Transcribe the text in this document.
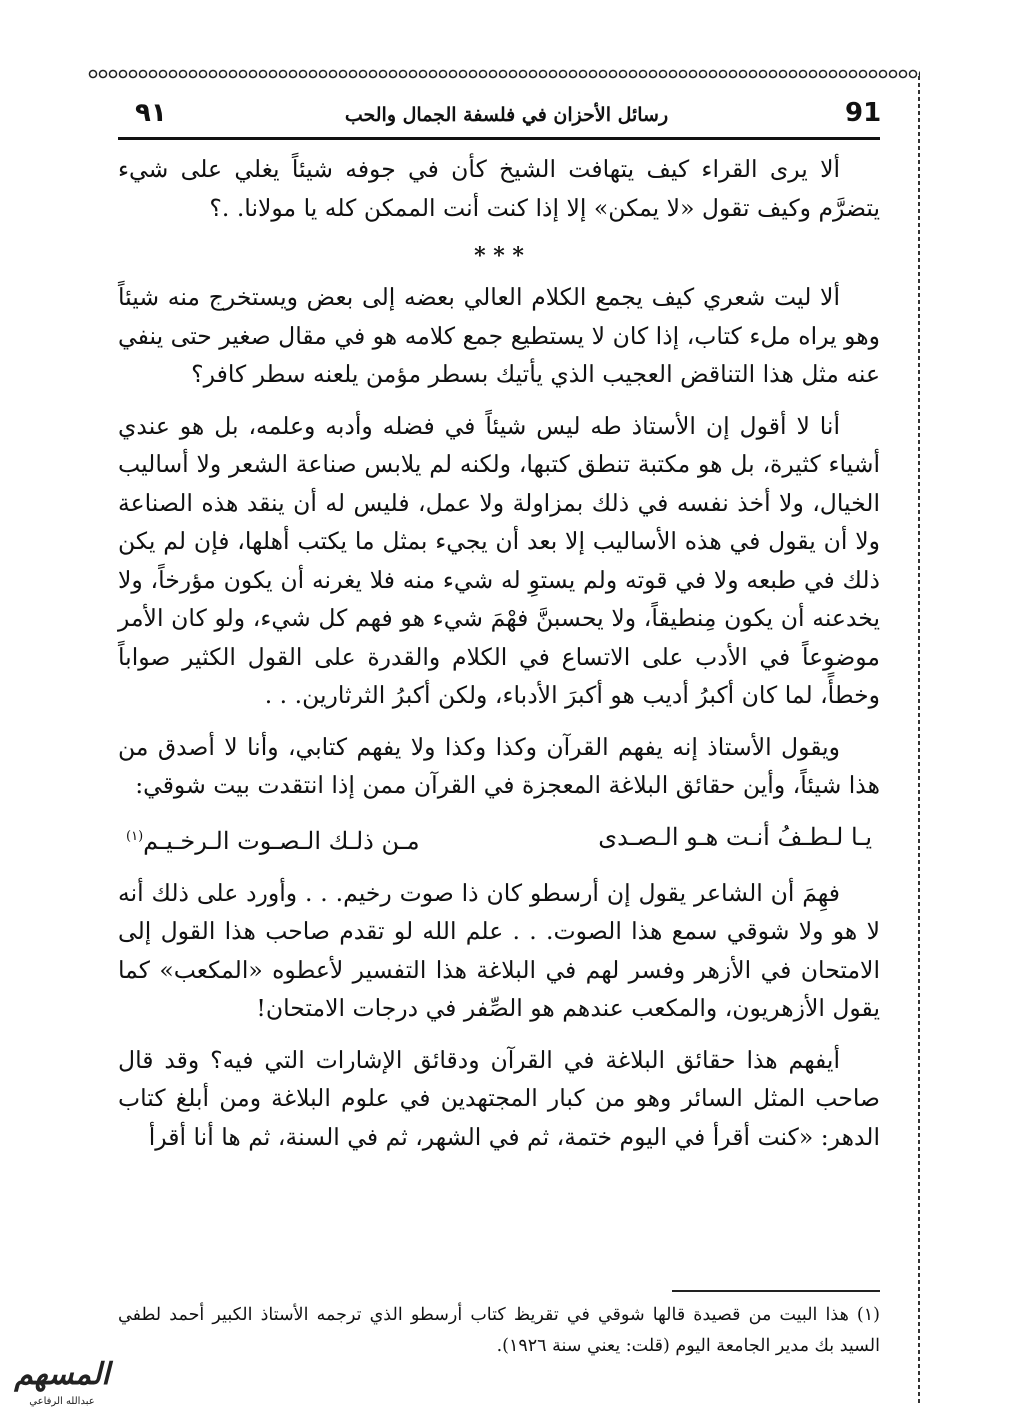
٩١	رسائل الأحزان في فلسفة الجمال والحب	91

ألا يرى القراء كيف يتهافت الشيخ كأن في جوفه شيئاً يغلي على شيء يتضرَّم وكيف تقول «لا يمكن» إلا إذا كنت أنت الممكن كله يا مولانا. .؟

* * *

ألا ليت شعري كيف يجمع الكلام العالي بعضه إلى بعض ويستخرج منه شيئاً وهو يراه ملء كتاب، إذا كان لا يستطيع جمع كلامه هو في مقال صغير حتى ينفي عنه مثل هذا التناقض العجيب الذي يأتيك بسطر مؤمن يلعنه سطر كافر؟

أنا لا أقول إن الأستاذ طه ليس شيئاً في فضله وأدبه وعلمه، بل هو عندي أشياء كثيرة، بل هو مكتبة تنطق كتبها، ولكنه لم يلابس صناعة الشعر ولا أساليب الخيال، ولا أخذ نفسه في ذلك بمزاولة ولا عمل، فليس له أن ينقد هذه الصناعة ولا أن يقول في هذه الأساليب إلا بعد أن يجيء بمثل ما يكتب أهلها، فإن لم يكن ذلك في طبعه ولا في قوته ولم يستوِ له شيء منه فلا يغرنه أن يكون مؤرخاً، ولا يخدعنه أن يكون مِنطيقاً، ولا يحسبنَّ فهْمَ شيء هو فهم كل شيء، ولو كان الأمر موضوعاً في الأدب على الاتساع في الكلام والقدرة على القول الكثير صواباً وخطأً، لما كان أكبرُ أديب هو أكبرَ الأدباء، ولكن أكبرُ الثرثارين. . .

ويقول الأستاذ إنه يفهم القرآن وكذا وكذا ولا يفهم كتابي، وأنا لا أصدق من هذا شيئاً، وأين حقائق البلاغة المعجزة في القرآن ممن إذا انتقدت بيت شوقي:

يـا لـطـفُ أنـت هـو الـصـدى
مـن ذلـك الـصـوت الـرخـيـم$^{(١)}$

فهِمَ أن الشاعر يقول إن أرسطو كان ذا صوت رخيم. . . وأورد على ذلك أنه لا هو ولا شوقي سمع هذا الصوت. . . علم الله لو تقدم صاحب هذا القول إلى الامتحان في الأزهر وفسر لهم في البلاغة هذا التفسير لأعطوه «المكعب» كما يقول الأزهريون، والمكعب عندهم هو الصِّفر في درجات الامتحان!

أيفهم هذا حقائق البلاغة في القرآن ودقائق الإشارات التي فيه؟ وقد قال صاحب المثل السائر وهو من كبار المجتهدين في علوم البلاغة ومن أبلغ كتاب الدهر: «كنت أقرأ في اليوم ختمة، ثم في الشهر، ثم في السنة، ثم ها أنا أقرأ

(١) هذا البيت من قصيدة قالها شوقي في تقريظ كتاب أرسطو الذي ترجمه الأستاذ الكبير أحمد لطفي السيد بك مدير الجامعة اليوم (قلت: يعني سنة ١٩٢٦).
المسهم
عبدالله الرفاعي
